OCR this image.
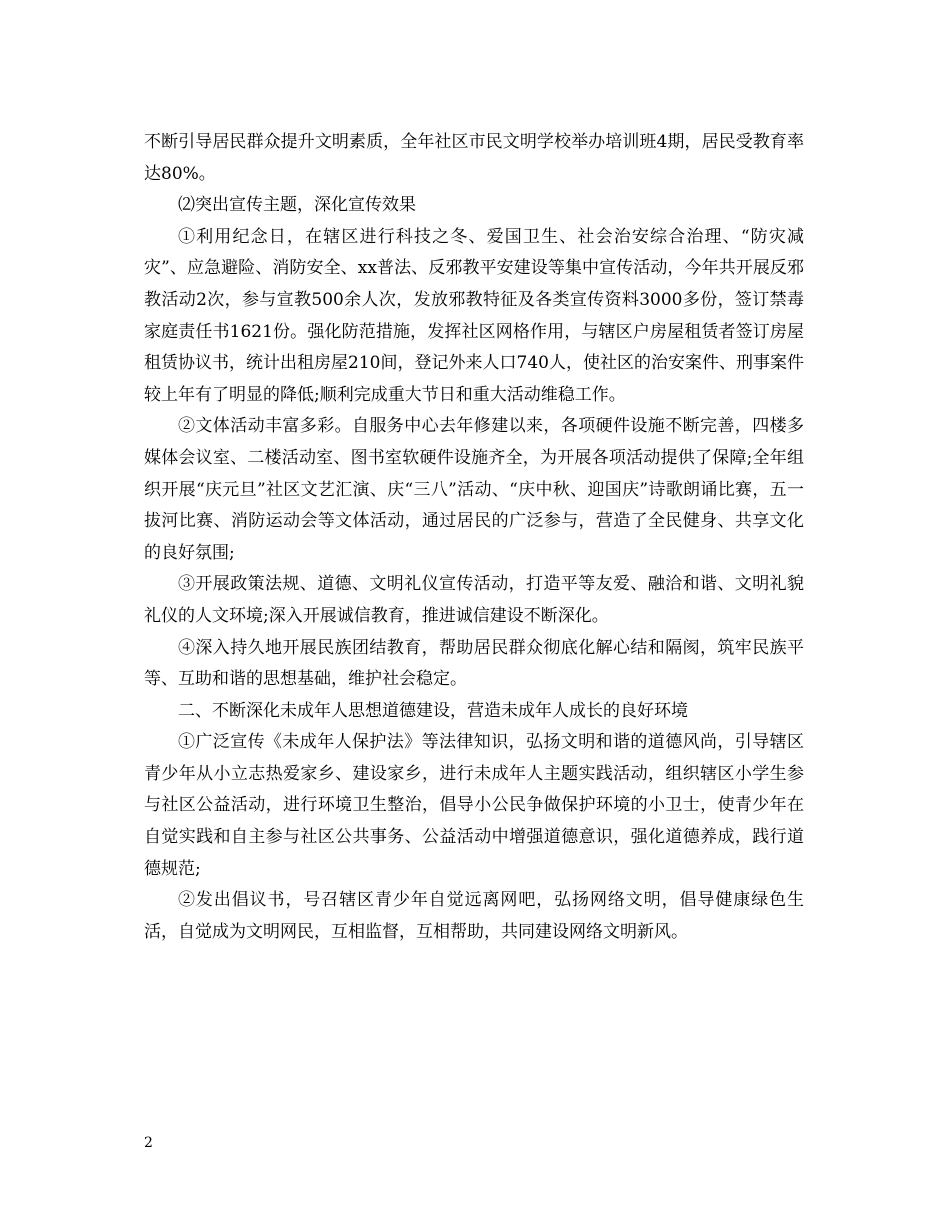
不断引导居民群众提升文明素质，全年社区市民文明学校举办培训班4期，居民受教育率达80%。

⑵突出宣传主题，深化宣传效果

①利用纪念日，在辖区进行科技之冬、爱国卫生、社会治安综合治理、“防灾减灾”、应急避险、消防安全、xx普法、反邪教平安建设等集中宣传活动，今年共开展反邪教活动2次，参与宣教500余人次，发放邪教特征及各类宣传资料3000多份，签订禁毒家庭责任书1621份。强化防范措施，发挥社区网格作用，与辖区户房屋租赁者签订房屋租赁协议书，统计出租房屋210间，登记外来人口740人，使社区的治安案件、刑事案件较上年有了明显的降低;顺利完成重大节日和重大活动维稳工作。

②文体活动丰富多彩。自服务中心去年修建以来，各项硬件设施不断完善，四楼多媒体会议室、二楼活动室、图书室软硬件设施齐全，为开展各项活动提供了保障;全年组织开展“庆元旦”社区文艺汇演、庆“三八”活动、“庆中秋、迎国庆”诗歌朗诵比赛，五一拔河比赛、消防运动会等文体活动，通过居民的广泛参与，营造了全民健身、共享文化的良好氛围;

③开展政策法规、道德、文明礼仪宣传活动，打造平等友爱、融洽和谐、文明礼貌礼仪的人文环境;深入开展诚信教育，推进诚信建设不断深化。

④深入持久地开展民族团结教育，帮助居民群众彻底化解心结和隔阂，筑牢民族平等、互助和谐的思想基础，维护社会稳定。

二、不断深化未成年人思想道德建设，营造未成年人成长的良好环境

①广泛宣传《未成年人保护法》等法律知识，弘扬文明和谐的道德风尚，引导辖区青少年从小立志热爱家乡、建设家乡，进行未成年人主题实践活动，组织辖区小学生参与社区公益活动，进行环境卫生整治，倡导小公民争做保护环境的小卫士，使青少年在自觉实践和自主参与社区公共事务、公益活动中增强道德意识，强化道德养成，践行道德规范;

②发出倡议书，号召辖区青少年自觉远离网吧，弘扬网络文明，倡导健康绿色生活，自觉成为文明网民，互相监督，互相帮助，共同建设网络文明新风。

2
